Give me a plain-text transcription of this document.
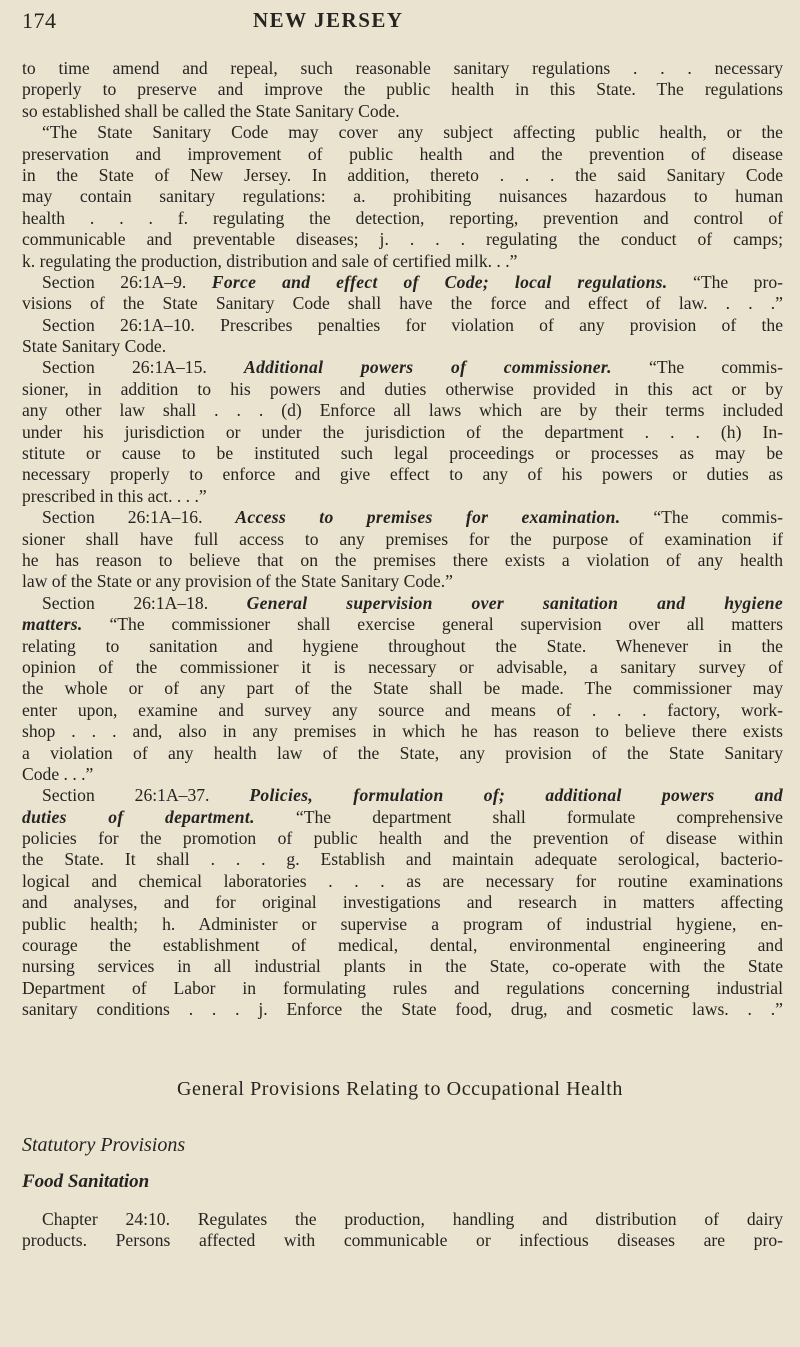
174	NEW JERSEY
to time amend and repeal, such reasonable sanitary regulations . . . necessary
properly to preserve and improve the public health in this State. The regulations
so established shall be called the State Sanitary Code.
“The State Sanitary Code may cover any subject affecting public health, or the
preservation and improvement of public health and the prevention of disease
in the State of New Jersey. In addition, thereto . . . the said Sanitary Code
may contain sanitary regulations: a. prohibiting nuisances hazardous to human
health . . . f. regulating the detection, reporting, prevention and control of
communicable and preventable diseases; j. . . . regulating the conduct of camps;
k. regulating the production, distribution and sale of certified milk. . .”
Section 26:1A–9. Force and effect of Code; local regulations. “The pro-
visions of the State Sanitary Code shall have the force and effect of law. . . .”
Section 26:1A–10. Prescribes penalties for violation of any provision of the
State Sanitary Code.
Section 26:1A–15. Additional powers of commissioner. “The commis-
sioner, in addition to his powers and duties otherwise provided in this act or by
any other law shall . . . (d) Enforce all laws which are by their terms included
under his jurisdiction or under the jurisdiction of the department . . . (h) In-
stitute or cause to be instituted such legal proceedings or processes as may be
necessary properly to enforce and give effect to any of his powers or duties as
prescribed in this act. . . .”
Section 26:1A–16. Access to premises for examination. “The commis-
sioner shall have full access to any premises for the purpose of examination if
he has reason to believe that on the premises there exists a violation of any health
law of the State or any provision of the State Sanitary Code.”
Section 26:1A–18. General supervision over sanitation and hygiene
matters. “The commissioner shall exercise general supervision over all matters
relating to sanitation and hygiene throughout the State. Whenever in the
opinion of the commissioner it is necessary or advisable, a sanitary survey of
the whole or of any part of the State shall be made. The commissioner may
enter upon, examine and survey any source and means of . . . factory, work-
shop . . . and, also in any premises in which he has reason to believe there exists
a violation of any health law of the State, any provision of the State Sanitary
Code . . .”
Section 26:1A–37. Policies, formulation of; additional powers and
duties of department. “The department shall formulate comprehensive
policies for the promotion of public health and the prevention of disease within
the State. It shall . . . g. Establish and maintain adequate serological, bacterio-
logical and chemical laboratories . . . as are necessary for routine examinations
and analyses, and for original investigations and research in matters affecting
public health; h. Administer or supervise a program of industrial hygiene, en-
courage the establishment of medical, dental, environmental engineering and
nursing services in all industrial plants in the State, co-operate with the State
Department of Labor in formulating rules and regulations concerning industrial
sanitary conditions . . . j. Enforce the State food, drug, and cosmetic laws. . .”
General Provisions Relating to Occupational Health
Statutory Provisions
Food Sanitation
Chapter 24:10. Regulates the production, handling and distribution of dairy
products. Persons affected with communicable or infectious diseases are pro-
